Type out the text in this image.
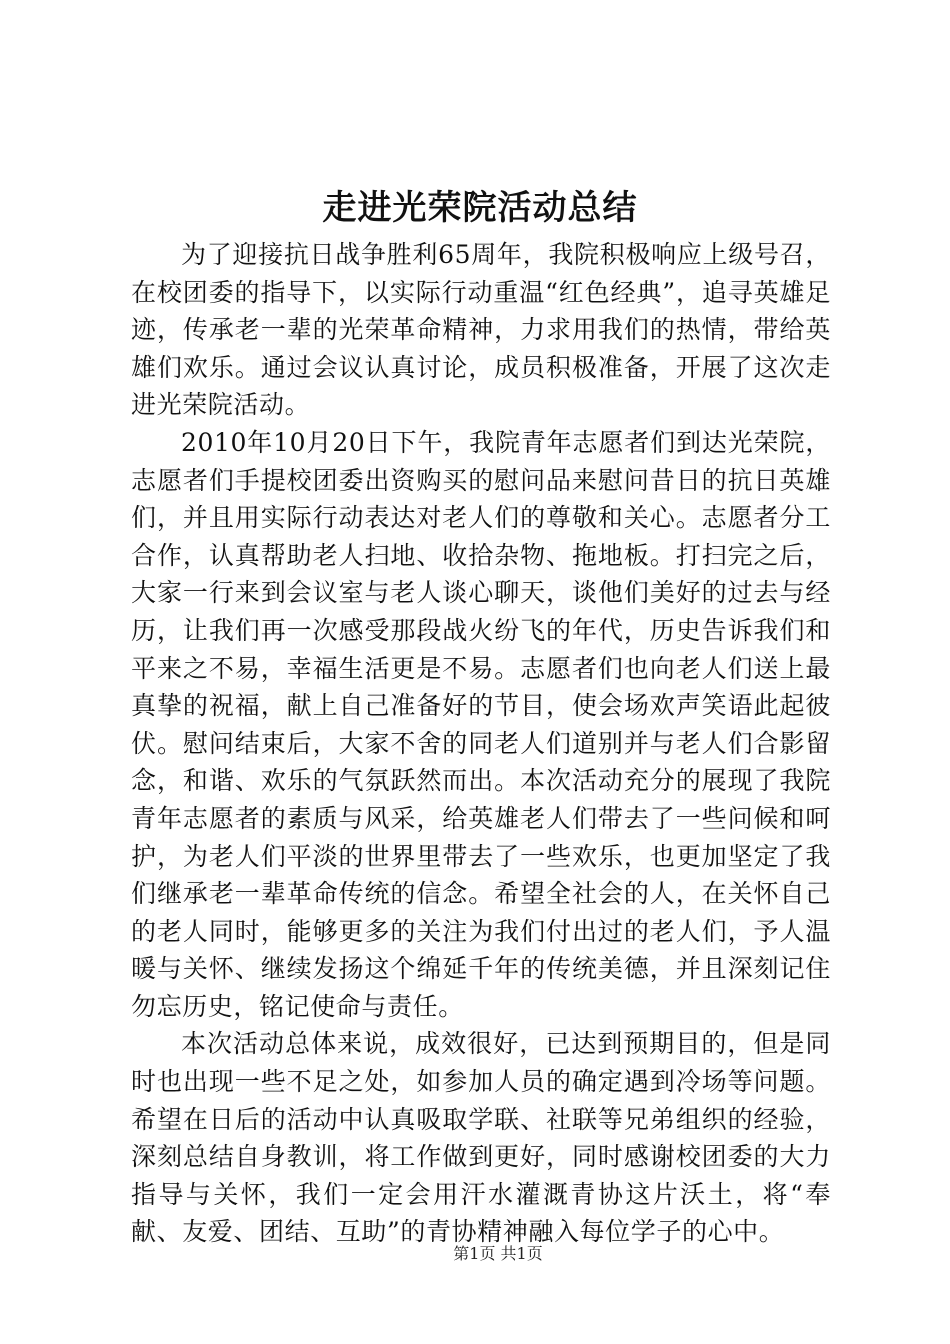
走进光荣院活动总结

为了迎接抗日战争胜利65周年，我院积极响应上级号召，在校团委的指导下，以实际行动重温“红色经典”，追寻英雄足迹，传承老一辈的光荣革命精神，力求用我们的热情，带给英雄们欢乐。通过会议认真讨论，成员积极准备，开展了这次走进光荣院活动。

2010年10月20日下午，我院青年志愿者们到达光荣院，志愿者们手提校团委出资购买的慰问品来慰问昔日的抗日英雄们，并且用实际行动表达对老人们的尊敬和关心。志愿者分工合作，认真帮助老人扫地、收拾杂物、拖地板。打扫完之后，大家一行来到会议室与老人谈心聊天，谈他们美好的过去与经历，让我们再一次感受那段战火纷飞的年代，历史告诉我们和平来之不易，幸福生活更是不易。志愿者们也向老人们送上最真挚的祝福，献上自己准备好的节目，使会场欢声笑语此起彼伏。慰问结束后，大家不舍的同老人们道别并与老人们合影留念，和谐、欢乐的气氛跃然而出。本次活动充分的展现了我院青年志愿者的素质与风采，给英雄老人们带去了一些问候和呵护，为老人们平淡的世界里带去了一些欢乐，也更加坚定了我们继承老一辈革命传统的信念。希望全社会的人，在关怀自己的老人同时，能够更多的关注为我们付出过的老人们，予人温暖与关怀、继续发扬这个绵延千年的传统美德，并且深刻记住勿忘历史，铭记使命与责任。

本次活动总体来说，成效很好，已达到预期目的，但是同时也出现一些不足之处，如参加人员的确定遇到冷场等问题。希望在日后的活动中认真吸取学联、社联等兄弟组织的经验，深刻总结自身教训，将工作做到更好，同时感谢校团委的大力指导与关怀，我们一定会用汗水灌溉青协这片沃土，将“奉献、友爱、团结、互助”的青协精神融入每位学子的心中。

第1页 共1页
